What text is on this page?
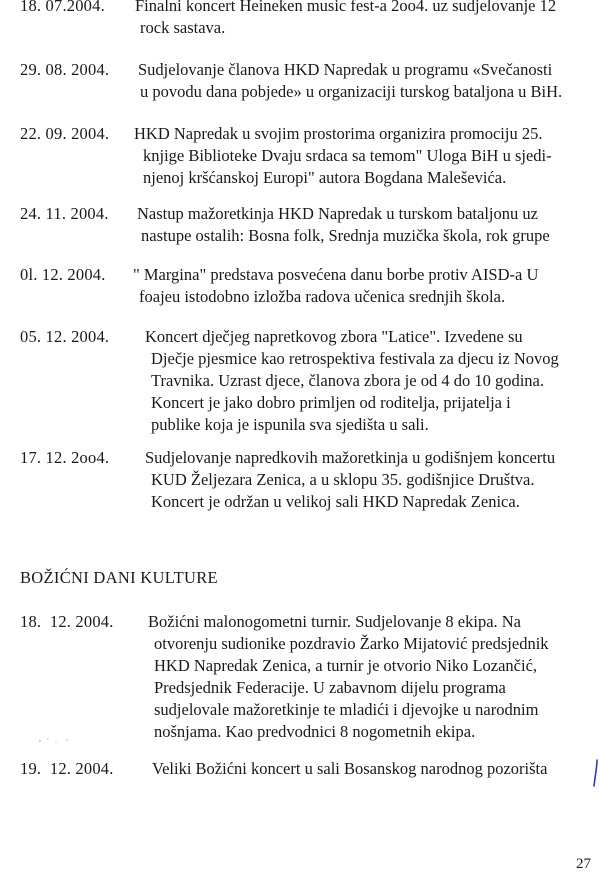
18. 07.2004. Finalni koncert Heineken music fest-a 2oo4. uz sudjelovanje 12
rock sastava.
29. 08. 2004. Sudjelovanje članova HKD Napredak u programu «Svečanosti
u povodu dana pobjede» u organizaciji turskog bataljona u BiH.
22. 09. 2004. HKD Napredak u svojim prostorima organizira promociju 25.
knjige Biblioteke Dvaju srdaca sa temom" Uloga BiH u sjedi-
njenoj kršćanskoj Europi" autora Bogdana Maleševića.
24. 11. 2004. Nastup mažoretkinja HKD Napredak u turskom bataljonu uz
nastupe ostalih: Bosna folk, Srednja muzička škola, rok grupe
0l. 12. 2004. " Margina" predstava posvećena danu borbe protiv AISD-a U
foajeu istodobno izložba radova učenica srednjih škola.
05. 12. 2004. Koncert dječjeg napretkovog zbora "Latice". Izvedene su
Dječje pjesmice kao retrospektiva festivala za djecu iz Novog
Travnika. Uzrast djece, članova zbora je od 4 do 10 godina.
Koncert je jako dobro primljen od roditelja, prijatelja i
publike koja je ispunila sva sjedišta u sali.
17. 12. 2oo4. Sudjelovanje napredkovih mažoretkinja u godišnjem koncertu
KUD Željezara Zenica, a u sklopu 35. godišnjice Društva.
Koncert je održan u velikoj sali HKD Napredak Zenica.
BOŽIĆNI DANI KULTURE
18.  12. 2004. Božićni malonogometni turnir. Sudjelovanje 8 ekipa. Na
otvorenju sudionike pozdravio Žarko Mijatović predsjednik
HKD Napredak Zenica, a turnir je otvorio Niko Lozančić,
Predsjednik Federacije. U zabavnom dijelu programa
sudjelovale mažoretkinje te mladići i djevojke u narodnim
nošnjama. Kao predvodnici 8 nogometnih ekipa.
19.  12. 2004. Veliki Božićni koncert u sali Bosanskog narodnog pozorišta
27
